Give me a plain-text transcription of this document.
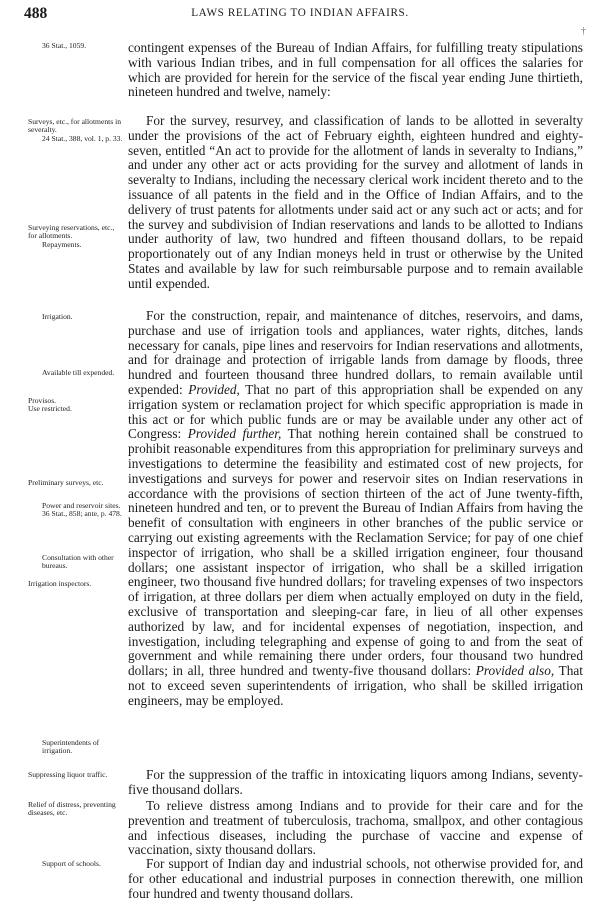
488	LAWS RELATING TO INDIAN AFFAIRS.
†
36 Stat., 1059.	contingent expenses of the Bureau of Indian Affairs, for fulfilling treaty stipulations with various Indian tribes, and in full compensation for all offices the salaries for which are provided for herein for the service of the fiscal year ending June thirtieth, nineteen hundred and twelve, namely:

Surveys, etc., for allotments in severalty.
24 Stat., 388, vol. 1, p. 33.
Surveying reservations, etc., for allotments.
Repayments.

For the survey, resurvey, and classification of lands to be allotted in severalty under the provisions of the act of February eighth, eighteen hundred and eighty-seven, entitled “An act to provide for the allotment of lands in severalty to Indians,” and under any other act or acts providing for the survey and allotment of lands in severalty to Indians, including the necessary clerical work incident thereto and to the issuance of all patents in the field and in the Office of Indian Affairs, and to the delivery of trust patents for allotments under said act or any such act or acts; and for the survey and subdivision of Indian reservations and lands to be allotted to Indians under authority of law, two hundred and fifteen thousand dollars, to be repaid proportionately out of any Indian moneys held in trust or otherwise by the United States and available by law for such reimbursable purpose and to remain available until expended.

Irrigation.
Available till expended.
Provisos.
Use restricted.
Preliminary surveys, etc.
Power and reservoir sites.
36 Stat., 858; ante, p. 478.
Consultation with other bureaus.
Irrigation inspectors.
Superintendents of irrigation.

For the construction, repair, and maintenance of ditches, reservoirs, and dams, purchase and use of irrigation tools and appliances, water rights, ditches, lands necessary for canals, pipe lines and reservoirs for Indian reservations and allotments, and for drainage and protection of irrigable lands from damage by floods, three hundred and fourteen thousand three hundred dollars, to remain available until expended: Provided, That no part of this appropriation shall be expended on any irrigation system or reclamation project for which specific appropriation is made in this act or for which public funds are or may be available under any other act of Congress: Provided further, That nothing herein contained shall be construed to prohibit reasonable expenditures from this appropriation for preliminary surveys and investigations to determine the feasibility and estimated cost of new projects, for investigations and surveys for power and reservoir sites on Indian reservations in accordance with the provisions of section thirteen of the act of June twenty-fifth, nineteen hundred and ten, or to prevent the Bureau of Indian Affairs from having the benefit of consultation with engineers in other branches of the public service or carrying out existing agreements with the Reclamation Service; for pay of one chief inspector of irrigation, who shall be a skilled irrigation engineer, four thousand dollars; one assistant inspector of irrigation, who shall be a skilled irrigation engineer, two thousand five hundred dollars; for traveling expenses of two inspectors of irrigation, at three dollars per diem when actually employed on duty in the field, exclusive of transportation and sleeping-car fare, in lieu of all other expenses authorized by law, and for incidental expenses of negotiation, inspection, and investigation, including telegraphing and expense of going to and from the seat of government and while remaining there under orders, four thousand two hundred dollars; in all, three hundred and twenty-five thousand dollars: Provided also, That not to exceed seven superintendents of irrigation, who shall be skilled irrigation engineers, may be employed.

Suppressing liquor traffic.	For the suppression of the traffic in intoxicating liquors among Indians, seventy-five thousand dollars.

Relief of distress, preventing diseases, etc.	To relieve distress among Indians and to provide for their care and for the prevention and treatment of tuberculosis, trachoma, smallpox, and other contagious and infectious diseases, including the purchase of vaccine and expense of vaccination, sixty thousand dollars.

Support of schools.	For support of Indian day and industrial schools, not otherwise provided for, and for other educational and industrial purposes in connection therewith, one million four hundred and twenty thousand dollars.
